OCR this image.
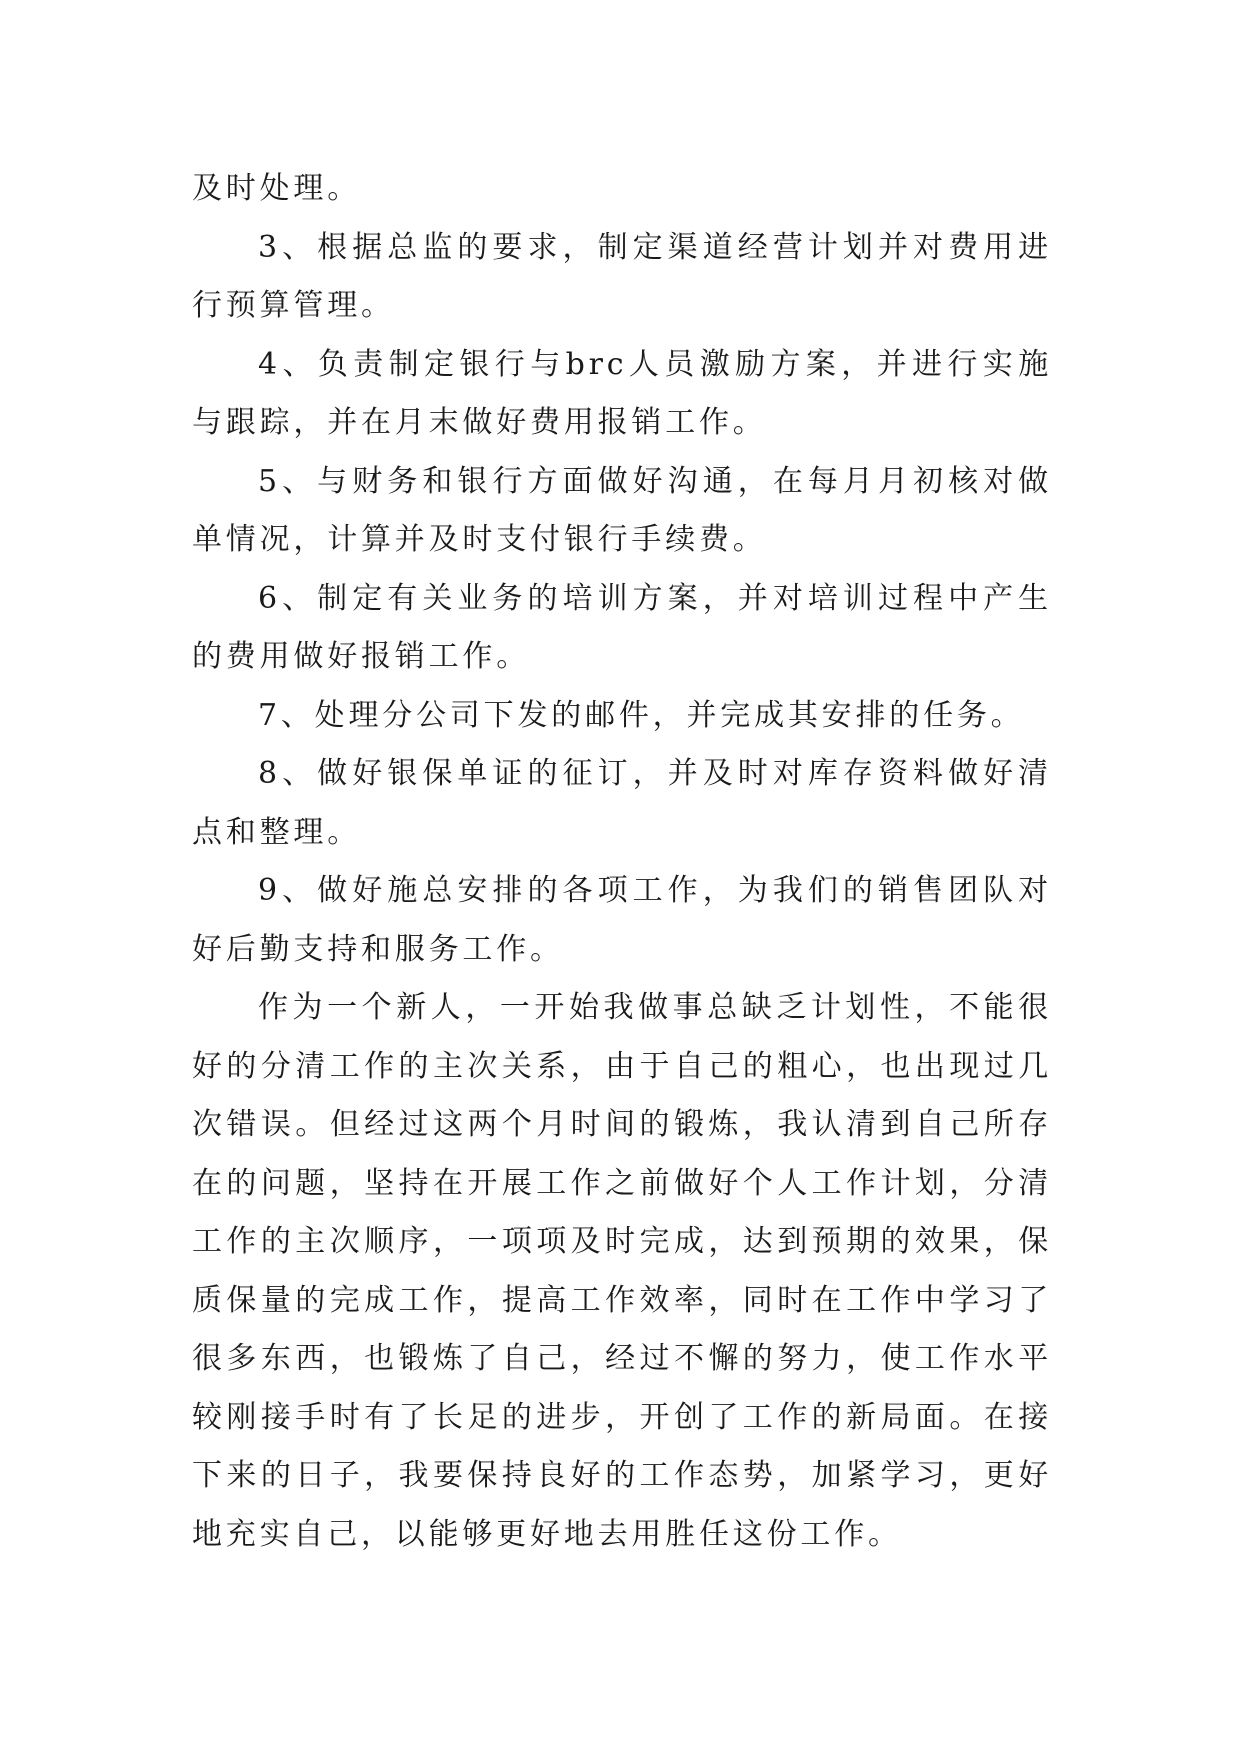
及时处理。

3、根据总监的要求，制定渠道经营计划并对费用进行预算管理。

4、负责制定银行与brc人员激励方案，并进行实施与跟踪，并在月末做好费用报销工作。

5、与财务和银行方面做好沟通，在每月月初核对做单情况，计算并及时支付银行手续费。

6、制定有关业务的培训方案，并对培训过程中产生的费用做好报销工作。

7、处理分公司下发的邮件，并完成其安排的任务。

8、做好银保单证的征订，并及时对库存资料做好清点和整理。

9、做好施总安排的各项工作，为我们的销售团队对好后勤支持和服务工作。

作为一个新人，一开始我做事总缺乏计划性，不能很好的分清工作的主次关系，由于自己的粗心，也出现过几次错误。但经过这两个月时间的锻炼，我认清到自己所存在的问题，坚持在开展工作之前做好个人工作计划，分清工作的主次顺序，一项项及时完成，达到预期的效果，保质保量的完成工作，提高工作效率，同时在工作中学习了很多东西，也锻炼了自己，经过不懈的努力，使工作水平较刚接手时有了长足的进步，开创了工作的新局面。在接下来的日子，我要保持良好的工作态势，加紧学习，更好地充实自己，以能够更好地去用胜任这份工作。
